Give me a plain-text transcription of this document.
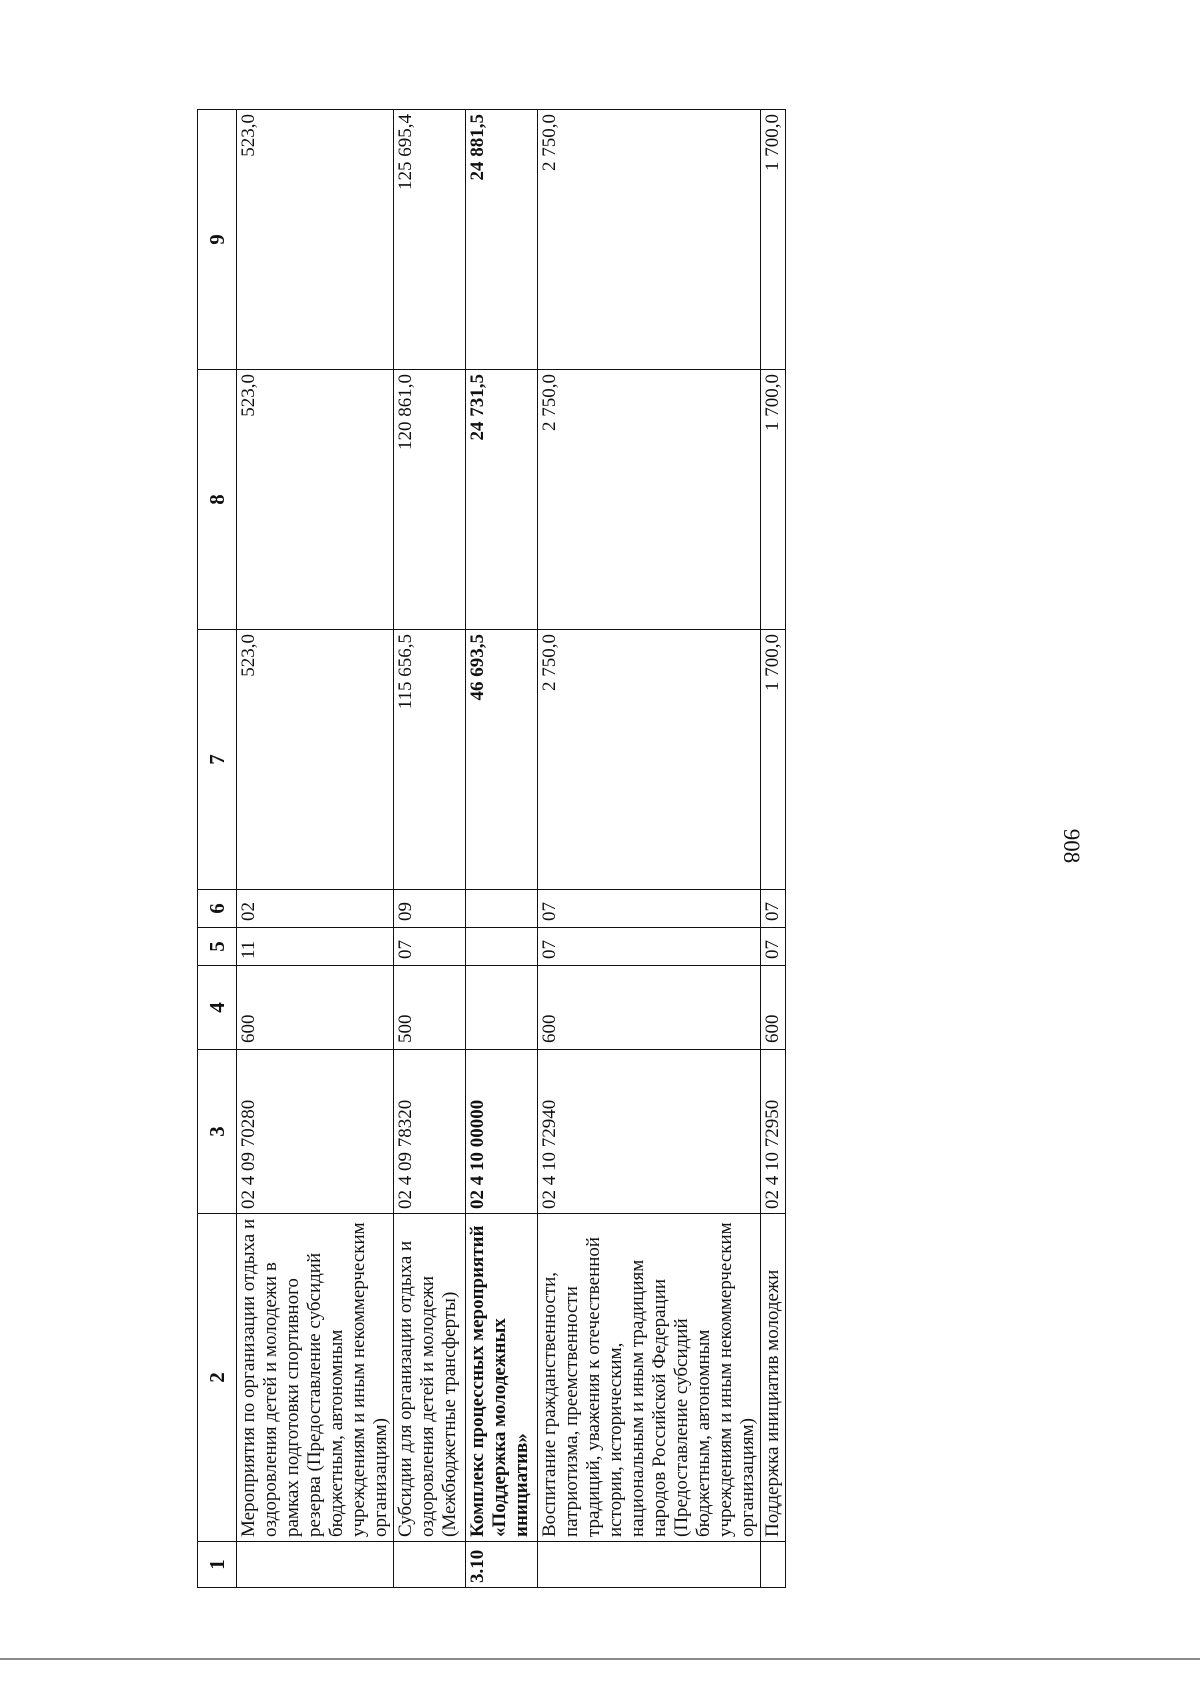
908
1	2	3	4	5	6	7	8	9
	Мероприятия по организации отдыха и оздоровления детей и молодежи в рамках подготовки спортивного резерва (Предоставление субсидий бюджетным, автономным учреждениям и иным некоммерческим организациям)	02 4 09 70280	600	11	02	523,0	523,0	523,0
	Субсидии для организации отдыха и оздоровления детей и молодежи (Межбюджетные трансферты)	02 4 09 78320	500	07	09	115 656,5	120 861,0	125 695,4
3.10	Комплекс процессных мероприятий «Поддержка молодежных инициатив»	02 4 10 00000				46 693,5	24 731,5	24 881,5
	Воспитание гражданственности, патриотизма, преемственности традиций, уважения к отечественной истории, историческим, национальным и иным традициям народов Российской Федерации (Предоставление субсидий бюджетным, автономным учреждениям и иным некоммерческим организациям)	02 4 10 72940	600	07	07	2 750,0	2 750,0	2 750,0
	Поддержка инициатив молодежи	02 4 10 72950	600	07	07	1 700,0	1 700,0	1 700,0
